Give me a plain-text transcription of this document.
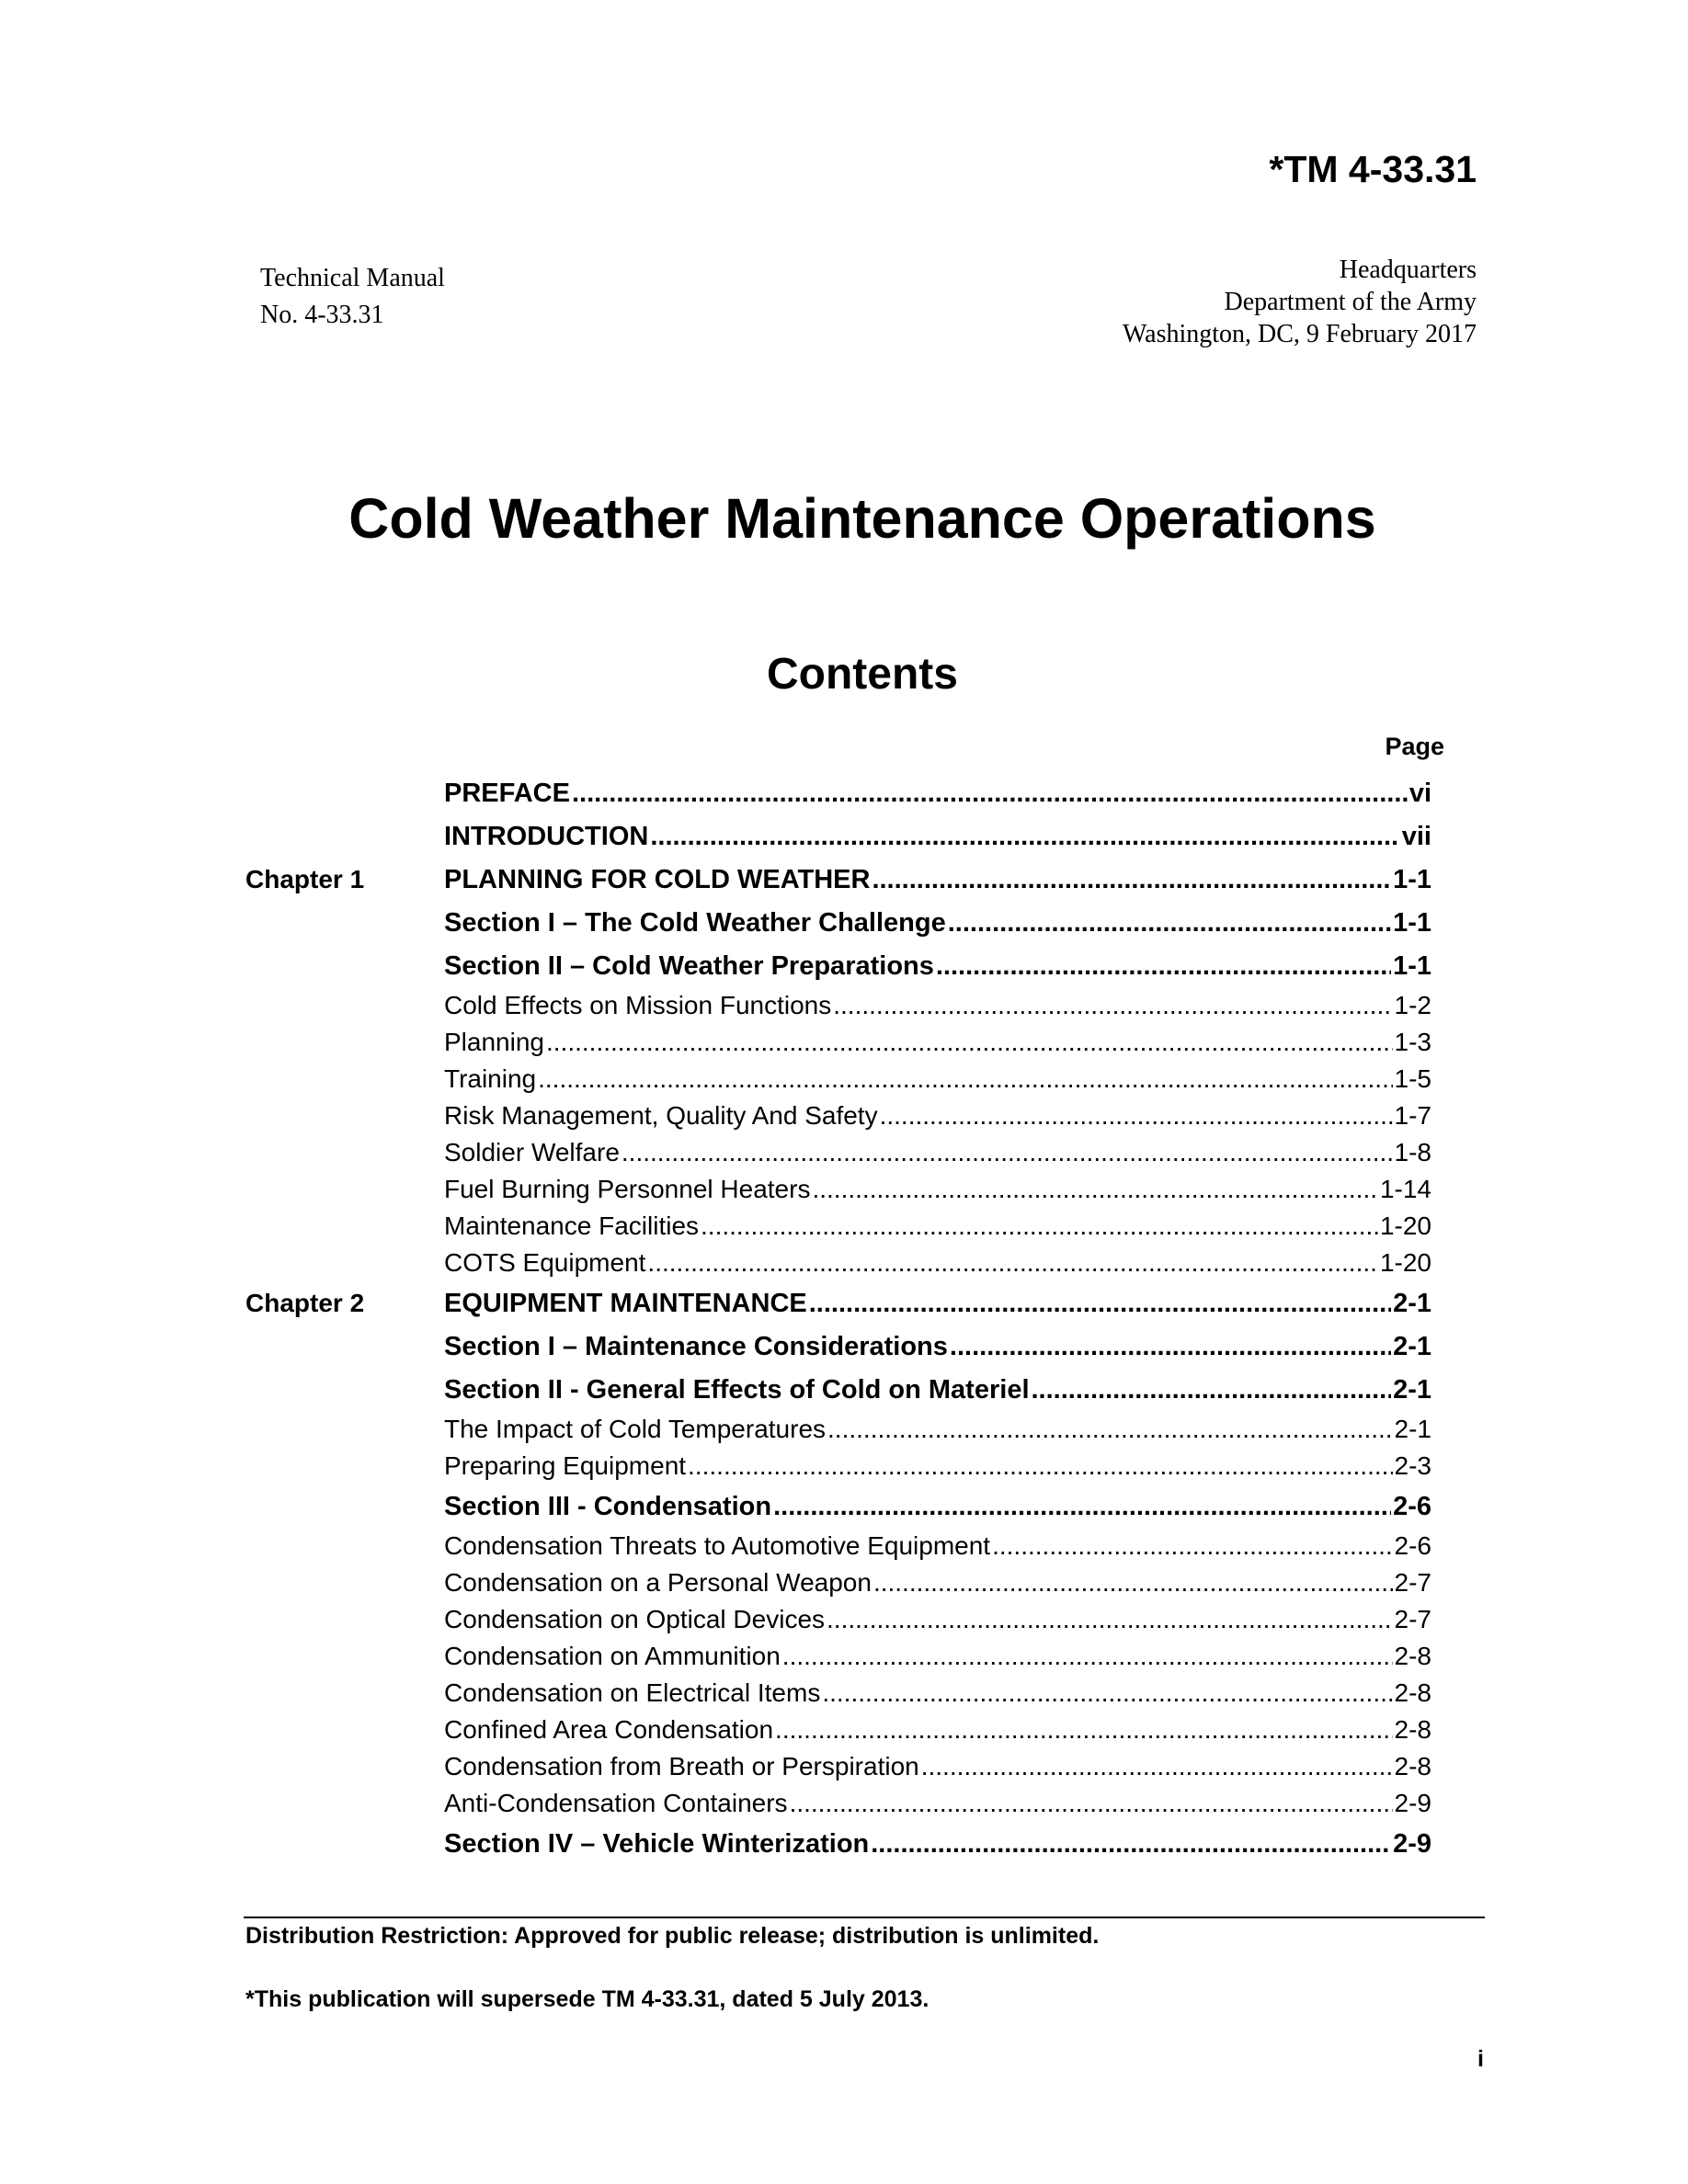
*TM 4-33.31
Technical Manual
No. 4-33.31
Headquarters
Department of the Army
Washington, DC, 9 February 2017
Cold Weather Maintenance Operations
Contents
Page
PREFACE .....	vi
INTRODUCTION .....	vii
Chapter 1	PLANNING FOR COLD WEATHER .....	1-1
Section I – The Cold Weather Challenge .....	1-1
Section II – Cold Weather Preparations .....	1-1
Cold Effects on Mission Functions .....	1-2
Planning .....	1-3
Training .....	1-5
Risk Management, Quality And Safety .....	1-7
Soldier Welfare .....	1-8
Fuel Burning Personnel Heaters .....	1-14
Maintenance Facilities .....	1-20
COTS Equipment .....	1-20
Chapter 2	EQUIPMENT MAINTENANCE .....	2-1
Section I – Maintenance Considerations .....	2-1
Section II - General Effects of Cold on Materiel .....	2-1
The Impact of Cold Temperatures .....	2-1
Preparing Equipment .....	2-3
Section III - Condensation .....	2-6
Condensation Threats to Automotive Equipment .....	2-6
Condensation on a Personal Weapon .....	2-7
Condensation on Optical Devices .....	2-7
Condensation on Ammunition .....	2-8
Condensation on Electrical Items .....	2-8
Confined Area Condensation .....	2-8
Condensation from Breath or Perspiration .....	2-8
Anti-Condensation Containers .....	2-9
Section IV – Vehicle Winterization .....	2-9
Distribution Restriction: Approved for public release; distribution is unlimited.
*This publication will supersede TM 4-33.31, dated 5 July 2013.
i
